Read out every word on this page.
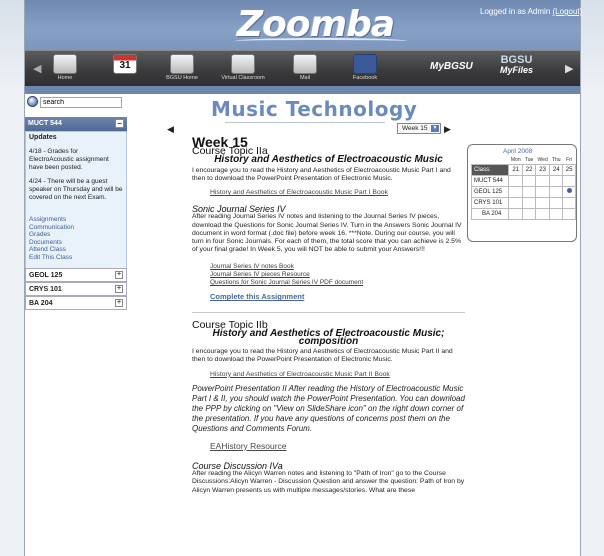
Zoomba	Logged in as Admin (Logout)
◀
Home
31
BGSU Home	Virtual Classroom	Mail	Facebook
MyBGSU
BGSU
MyFiles	▶
search
MUCT 544	−
Updates

4/18 - Grades for ElectroAcoustic assignment have been posted.

4/24 - There will be a guest speaker on Thursday and will be covered on the next Exam.

Assignments
Communication
Grades
Documents
Attend Class
Edit This Class
GEOL 125	+
CRYS 101	+
BA 204	+
Music Technology
◀	Week 15 ▼ ▶
Week 15
Course Topic IIa
History and Aesthetics of Electroacoustic Music
I encourage you to read the History and Aesthetics of Electroacoustic Music Part I and then to download the PowerPoint Presentation of Electronic Music.
History and Aesthetics of Electroacoustic Music Part I Book
Sonic Journal Series IV
After reading Journal Series IV notes and listening to the Journal Series IV pieces, download the Questions for Sonic Journal Series IV. Turn in the Answers Sonic Journal IV document in word format (.doc file) before week 16. ***Note. During our course, you will turn in four Sonic Journals. For each of them, the total score that you can achieve is 2.5% of your final grade! In Week 5, you will NOT be able to submit your Answers!!!
Journal Series IV notes Book
Journal Series IV pieces Resource
Questions for Sonic Journal Series IV PDF document
Complete this Assignment
Course Topic IIb
History and Aesthetics of Electroacoustic Music; composition
I encourage you to read the History and Aesthetics of Electroacoustic Music Part II and then to download the PowerPoint Presentation of Electronic Music.
History and Aesthetics of Electroacoustic Music Part II Book
PowerPoint Presentation II After reading the History of Electroacoustic Music Part I & II, you should watch the PowerPoint Presentation. You can download the PPP by clicking on "View on SlideShare icon" on the right down corner of the presentation. If you have any questions of concerns post them on the Questions and Comments Forum.
EAHistory Resource
Course Discussion IVa
After reading the Alicyn Warren notes and listening to "Path of Iron" go to the Course Discussions:Alicyn Warren - Discussion Question and answer the question: Path of Iron by Alicyn Warren presents us with multiple messages/stories. What are these
April 2008
	Mon	Tue	Wed	Thu	Fri
Class:	21	22	23	24	25
MUCT 544					
GEOL 125					
CRYS 101					
BA 204					
